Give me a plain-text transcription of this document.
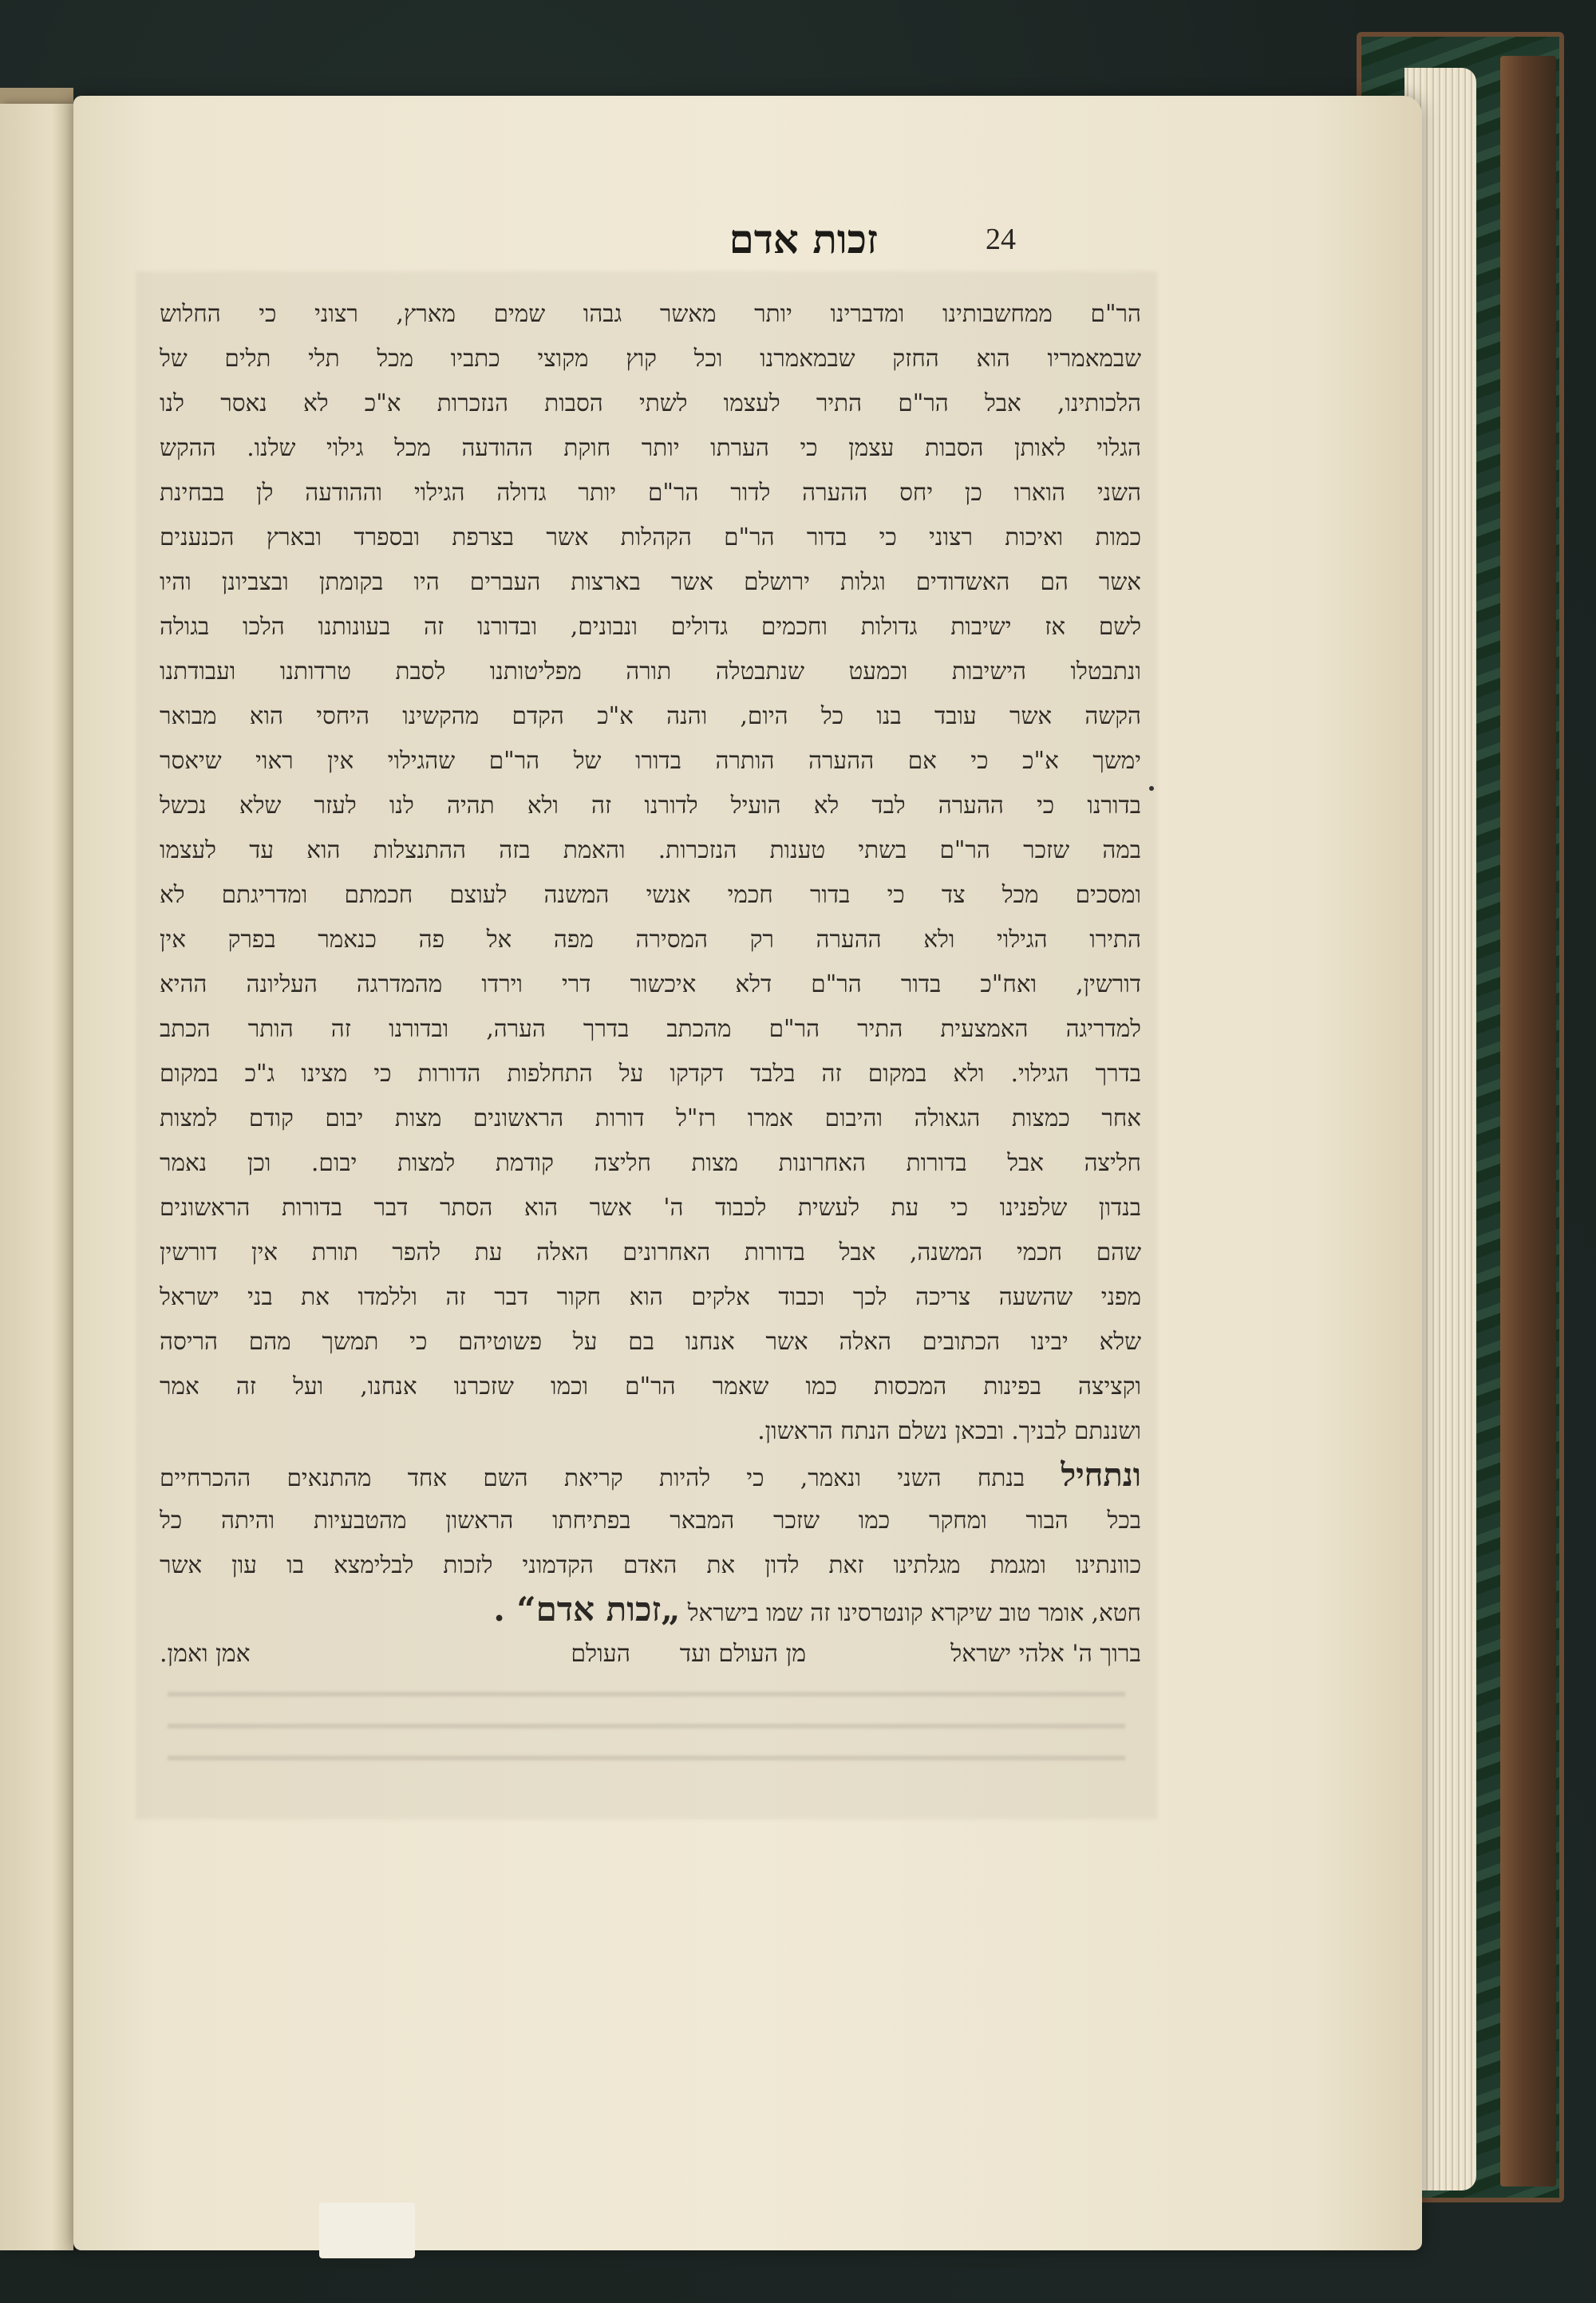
זכות אדם	24
הר"ם ממחשבותינו ומדברינו יותר מאשר גבהו שמים מארץ, רצוני כי החלוש
שבמאמריו הוא החזק שבמאמרנו וכל קוץ מקוצי כתביו מכל תלי תלים של
הלכותינו, אבל הר"ם התיר לעצמו לשתי הסבות הנזכרות א"כ לא נאסר לנו
הגלוי לאותן הסבות עצמן כי הערתו יותר חוקת ההודעה מכל גילוי שלנו. ההקש
השני הוארו כן יחס ההערה לדור הר"ם יותר גדולה הגילוי וההודעה לן בבחינת
כמות ואיכות רצוני כי בדור הר"ם הקהלות אשר בצרפת ובספרד ובארץ הכנענים
אשר הם האשדודים וגלות ירושלם אשר בארצות העברים היו בקומתן ובצביונן והיו
לשם אז ישיבות גדולות וחכמים גדולים ונבונים, ובדורנו זה בעונותנו הלכו בגולה
ונתבטלו הישיבות וכמעט שנתבטלה תורה מפליטותנו לסבת טרדותנו ועבודתנו
הקשה אשר עובד בנו כל היום, והנה א"כ הקדם מהקשינו היחסי הוא מבואר
ימשך א"כ כי אם ההערה הותרה בדורו של הר"ם שהגילוי אין ראוי שיאסר
בדורנו כי ההערה לבד לא הועיל לדורנו זה ולא תהיה לנו לעזר שלא נכשל
במה שזכר הר"ם בשתי טענות הנזכרות. והאמת בזה ההתנצלות הוא עד לעצמו
ומסכים מכל צד כי בדור חכמי אנשי המשנה לעוצם חכמתם ומדריגתם לא
התירו הגילוי ולא ההערה רק המסירה מפה אל פה כנאמר בפרק אין
דורשין, ואח"כ בדור הר"ם דלא איכשור דרי וירדו מהמדרגה העליונה ההיא
למדריגה האמצעית התיר הר"ם מהכתב בדרך הערה, ובדורנו זה הותר הכתב
בדרך הגילוי. ולא במקום זה בלבד דקדקו על התחלפות הדורות כי מצינו ג"כ במקום
אחר כמצות הגאולה והיבום אמרו רז"ל דורות הראשונים מצות יבום קודם למצות
חליצה אבל בדורות האחרונות מצות חליצה קודמת למצות יבום. וכן נאמר
בנדון שלפנינו כי עת לעשית לכבוד ה' אשר הוא הסתר דבר בדורות הראשונים
שהם חכמי המשנה, אבל בדורות האחרונים האלה עת להפר תורת אין דורשין
מפני שהשעה צריכה לכך וכבוד אלקים הוא חקור דבר זה וללמדו את בני ישראל
שלא יבינו הכתובים האלה אשר אנחנו בם על פשוטיהם כי תמשך מהם הריסה
וקציצה בפינות המכסות כמו שאמר הר"ם וכמו שזכרנו אנחנו, ועל זה אמר
ושננתם לבניך. ובכאן נשלם הנתח הראשון.
ונתחיל בנתח השני ונאמר, כי להיות קריאת השם אחד מהתנאים ההכרחיים
בכל הבור ומחקר כמו שזכר המבאר בפתיחתו הראשון מהטבעיות והיתה כל
כוונתינו ומגמת מגלתינו זאת לדון את האדם הקדמוני לזכות לבלימצא בו עון אשר
חטא, אומר טוב שיקרא קונטרסינו זה שמו בישראל „זכות אדם“ .
ברוך ה' אלהי ישראל
מן העולם ועד
העולם
אמן ואמן.
